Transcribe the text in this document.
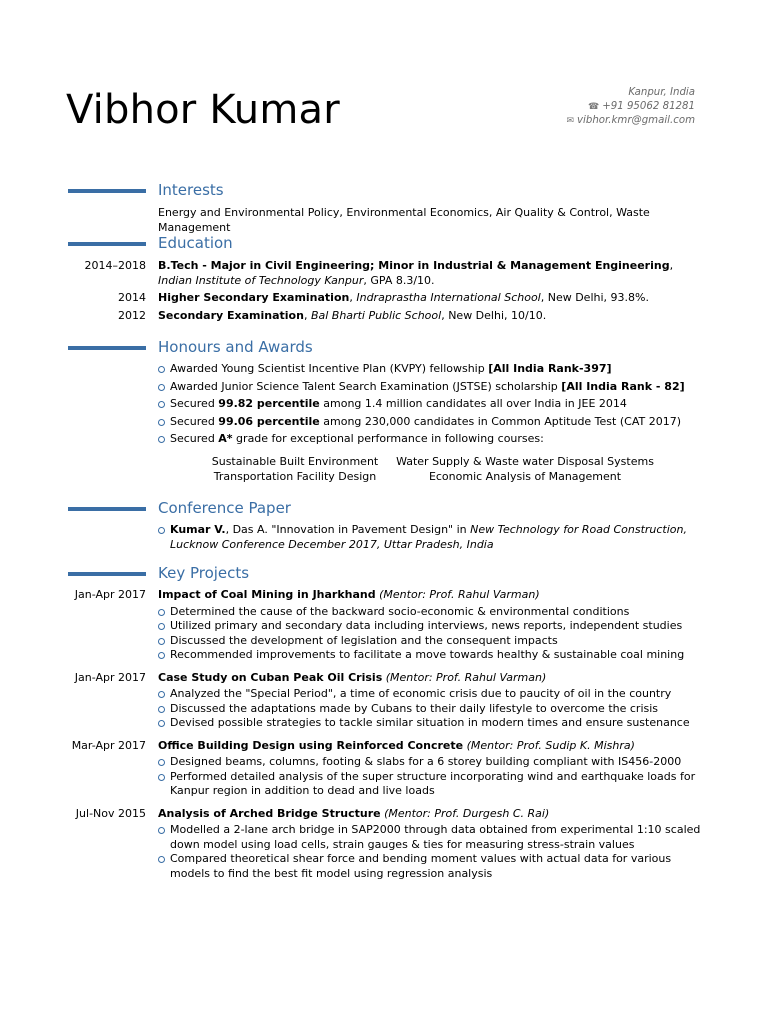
Vibhor Kumar	Kanpur, India
☎ +91 95062 81281
✉ vibhor.kmr@gmail.com
Interests
Energy and Environmental Policy, Environmental Economics, Air Quality & Control, Waste Management
Education
2014–2018 B.Tech - Major in Civil Engineering; Minor in Industrial & Management Engineering,
Indian Institute of Technology Kanpur, GPA 8.3/10.
2014 Higher Secondary Examination, Indraprastha International School, New Delhi, 93.8%.
2012 Secondary Examination, Bal Bharti Public School, New Delhi, 10/10.
Honours and Awards
Awarded Young Scientist Incentive Plan (KVPY) fellowship [All India Rank-397]
Awarded Junior Science Talent Search Examination (JSTSE) scholarship [All India Rank - 82]
Secured 99.82 percentile among 1.4 million candidates all over India in JEE 2014
Secured 99.06 percentile among 230,000 candidates in Common Aptitude Test (CAT 2017)
Secured A* grade for exceptional performance in following courses:
Sustainable Built Environment	Water Supply & Waste water Disposal Systems
Transportation Facility Design	Economic Analysis of Management
Conference Paper
Kumar V., Das A. "Innovation in Pavement Design" in New Technology for Road Construction, Lucknow Conference December 2017, Uttar Pradesh, India
Key Projects
Jan-Apr 2017 Impact of Coal Mining in Jharkhand (Mentor: Prof. Rahul Varman)
Determined the cause of the backward socio-economic & environmental conditions
Utilized primary and secondary data including interviews, news reports, independent studies
Discussed the development of legislation and the consequent impacts
Recommended improvements to facilitate a move towards healthy & sustainable coal mining
Jan-Apr 2017 Case Study on Cuban Peak Oil Crisis (Mentor: Prof. Rahul Varman)
Analyzed the "Special Period", a time of economic crisis due to paucity of oil in the country
Discussed the adaptations made by Cubans to their daily lifestyle to overcome the crisis
Devised possible strategies to tackle similar situation in modern times and ensure sustenance
Mar-Apr 2017 Office Building Design using Reinforced Concrete (Mentor: Prof. Sudip K. Mishra)
Designed beams, columns, footing & slabs for a 6 storey building compliant with IS456-2000
Performed detailed analysis of the super structure incorporating wind and earthquake loads for Kanpur region in addition to dead and live loads
Jul-Nov 2015 Analysis of Arched Bridge Structure (Mentor: Prof. Durgesh C. Rai)
Modelled a 2-lane arch bridge in SAP2000 through data obtained from experimental 1:10 scaled down model using load cells, strain gauges & ties for measuring stress-strain values
Compared theoretical shear force and bending moment values with actual data for various models to find the best fit model using regression analysis
